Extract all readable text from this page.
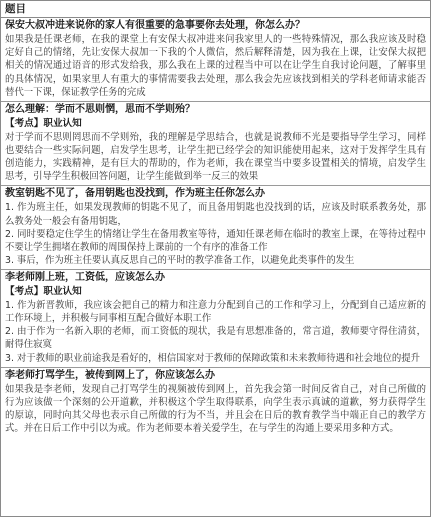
题目
保安大叔冲进来说你的家人有很重要的急事要你去处理，你怎么办？
如果我是任课老师，在我的课堂上有安保大叔冲进来问我家里人的一些特殊情况，那么我应该及时稳定好自己的情绪，先让安保大叔加一下我的个人微信，然后解释清楚，因为我在上课，让安保大叔把相关的情况通过语音的形式发给我，那么我在上课的过程当中可以在让学生自我讨论问题，了解事里的具体情况，如果家里人有重大的事情需要我去处理，那么我会先应该找到相关的学科老师请求能否替代一下课，保证教学任务的完成
怎么理解：学而不思则惘，思而不学则殆？
【考点】职业认知
对于学而不思则罔思而不学则殆，我的理解是学思结合，也就是说教师不光是要指导学生学习，同样也要结合一些实际问题，启发学生思考，让学生把已经学会的知识能使用起来，这对于发挥学生具有创造能力，实践精神，是有巨大的帮助的，作为老师，我在课堂当中要多设置相关的情境，启发学生思考，引导学生积极回答问题，让学生能做到举一反三的效果
教室钥匙不见了，备用钥匙也没找到，作为班主任你怎么办
1. 作为班主任，如果发现教师的钥匙不见了，而且备用钥匙也没找到的话，应该及时联系教务处，那么教务处一般会有备用钥匙，
2. 同时要稳定住学生的情绪让学生在备用教室等待，通知任课老师在临时的教室上课，在等待过程中不要让学生拥堵在教师的周围保持上课前的一个有序的准备工作
3. 事后，作为班主任要认真反思自己的平时的教学准备工作，以避免此类事件的发生
李老师刚上班，工资低，应该怎么办
【考点】职业认知
1. 作为新晋教师，我应该会把自己的精力和注意力分配到自己的工作和学习上，分配到自己适应新的工作环境上，并积极与同事相互配合做好本职工作
2. 由于作为一名新入职的老师，而工资低的现状，我是有思想准备的，常言道，教师要守得住清贫，耐得住寂寞
3. 对于教师的职业前途我是看好的，相信国家对于教师的保障政策和未来教师待遇和社会地位的提升
李老师打骂学生，被传到网上了，你应该怎么办
如果我是李老师，发现自己打骂学生的视频被传到网上，首先我会第一时间反省自己，对自己所做的行为应该做一个深刻的公开道歉，并积极这个学生取得联系，向学生表示真诚的道歉，努力获得学生的原谅，同时向其父母也表示自己所做的行为不当，并且会在日后的教育教学当中端正自己的教学方式。并在日后工作中引以为戒。作为老师要本着关爱学生，在与学生的沟通上要采用多种方式。
